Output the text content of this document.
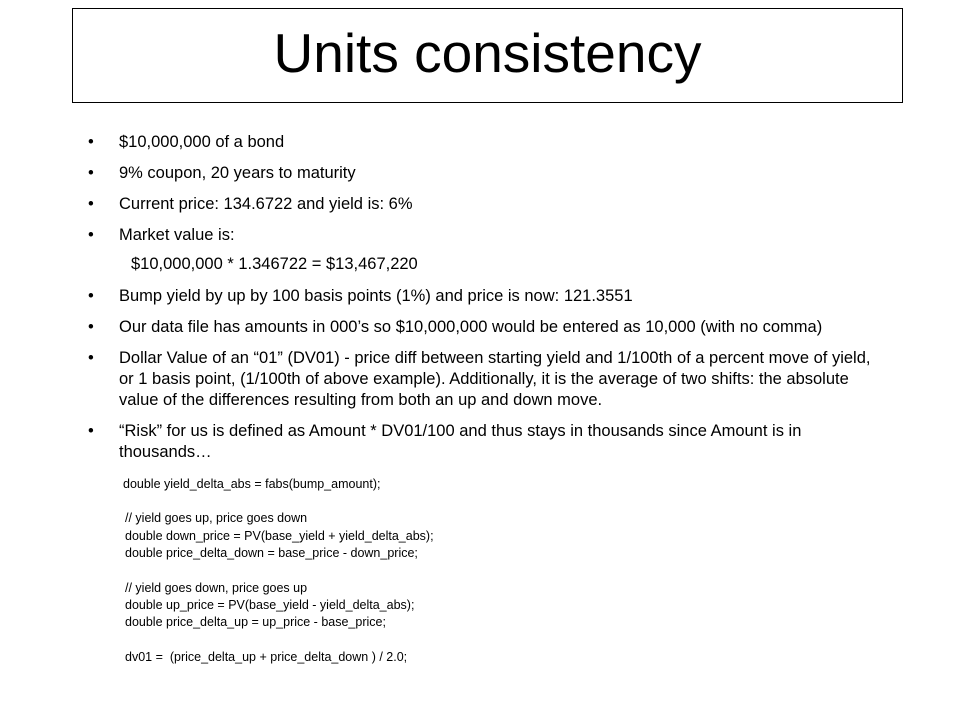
Units consistency
• $10,000,000 of a bond
• 9% coupon, 20 years to maturity
• Current price: 134.6722 and yield is: 6%
• Market value is:
$10,000,000 * 1.346722 = $13,467,220
• Bump yield by up by 100 basis points (1%) and price is now: 121.3551
• Our data file has amounts in 000’s so $10,000,000 would be entered as 10,000 (with no comma)
• Dollar Value of an “01” (DV01) - price diff between starting yield and 1/100th of a percent move of yield, or 1 basis point, (1/100th of above example). Additionally, it is the average of two shifts: the absolute value of the differences resulting from both an up and down move.
• “Risk” for us is defined as Amount * DV01/100 and thus stays in thousands since Amount is in thousands…
double yield_delta_abs = fabs(bump_amount);
// yield goes up, price goes down
double down_price = PV(base_yield + yield_delta_abs);
double price_delta_down = base_price - down_price;
// yield goes down, price goes up
double up_price = PV(base_yield - yield_delta_abs);
double price_delta_up = up_price - base_price;
dv01 =  (price_delta_up + price_delta_down ) / 2.0;
